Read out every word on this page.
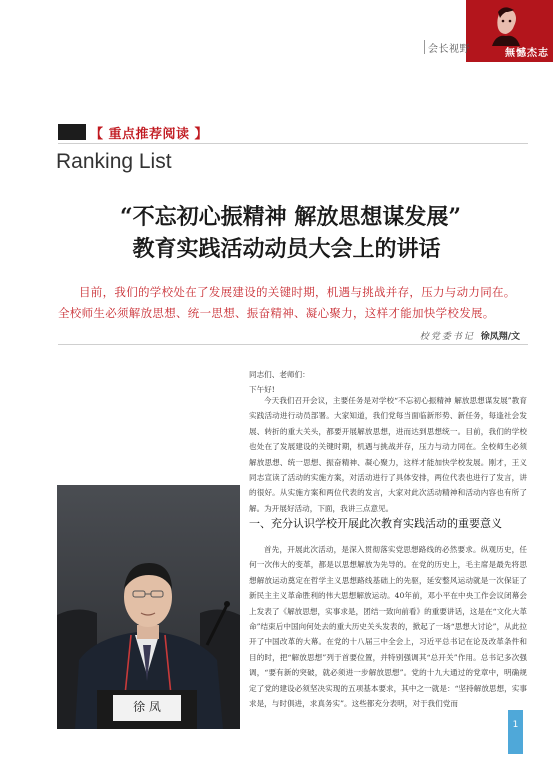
無憾杰志
会长视野
【 重点推荐阅读 】
Ranking List
“不忘初心振精神 解放思想谋发展”
教育实践活动动员大会上的讲话

目前，我们的学校处在了发展建设的关键时期，机遇与挑战并存，压力与动力同在。全校师生必须解放思想、统一思想、振奋精神、凝心聚力，这样才能加快学校发展。

校党委书记 徐凤翔/文
同志们、老师们：
下午好!

今天我们召开会议，主要任务是对学校“不忘初心振精神 解放思想谋发展”教育实践活动进行动员部署。大家知道，我们党每当面临新形势、新任务，每逢社会发展、转折的重大关头，都要开展解放思想，进而达到思想统一。目前，我们的学校也处在了发展建设的关键时期，机遇与挑战并存，压力与动力同在。全校师生必须解放思想、统一思想、振奋精神、凝心聚力，这样才能加快学校发展。刚才，王义同志宣读了活动的实施方案，对活动进行了具体安排，两位代表也进行了发言，讲的很好。从实施方案和两位代表的发言，大家对此次活动精神和活动内容也有所了解。为开展好活动，下面，我讲三点意见。

一、充分认识学校开展此次教育实践活动的重要意义

首先，开展此次活动，是深入贯彻落实党思想路线的必然要求。纵观历史，任何一次伟大的变革，都是以思想解放为先导的。在党的历史上，毛主席是最先将思想解放运动奠定在哲学主义思想路线基础上的先驱，延安整风运动就是一次保证了新民主主义革命胜利的伟大思想解放运动。40年前，邓小平在中央工作会议闭幕会上发表了《解放思想，实事求是，团结一致向前看》的重要讲话，这是在“文化大革命”结束后中国向何处去的重大历史关头发表的，掀起了一场“思想大讨论”，从此拉开了中国改革的大幕。在党的十八届三中全会上，习近平总书记在论及改革条件和目的时，把“解放思想”列于首要位置，并特别强调其“总开关”作用。总书记多次强调，“要有新的突破，就必须进一步解放思想”。党的十九大通过的党章中，明确规定了党的建设必须坚决实现的五项基本要求，其中之一就是：“坚持解放思想，实事求是，与时俱进，求真务实”。这些都充分表明，对于我们党而

徐 凤
1
